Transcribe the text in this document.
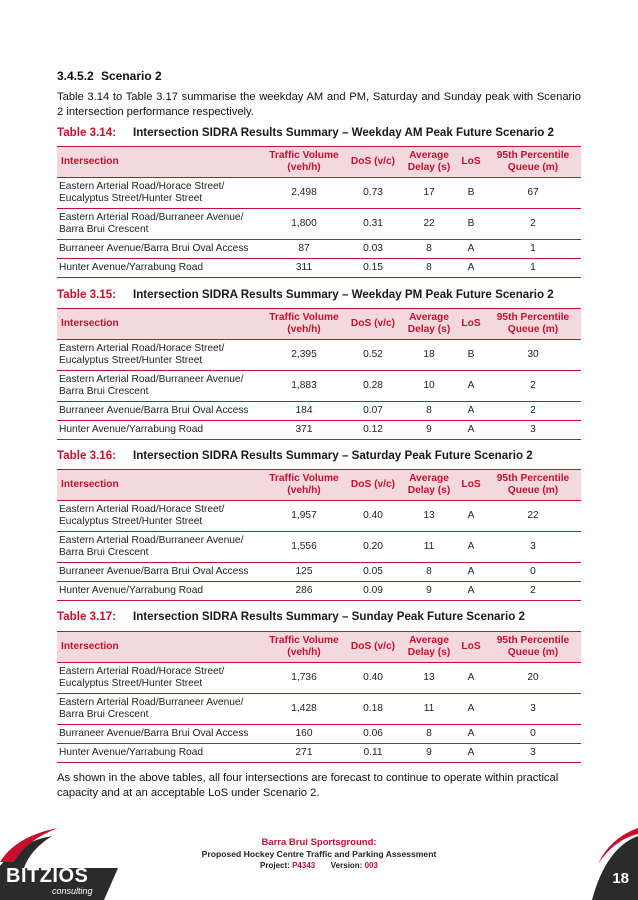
3.4.5.2 Scenario 2
Table 3.14 to Table 3.17 summarise the weekday AM and PM, Saturday and Sunday peak with Scenario 2 intersection performance respectively.
Table 3.14: Intersection SIDRA Results Summary – Weekday AM Peak Future Scenario 2
Intersection	Traffic Volume (veh/h)	DoS (v/c)	Average Delay (s)	LoS	95th Percentile Queue (m)
Eastern Arterial Road/Horace Street/ Eucalyptus Street/Hunter Street	2,498	0.73	17	B	67
Eastern Arterial Road/Burraneer Avenue/ Barra Brui Crescent	1,800	0.31	22	B	2
Burraneer Avenue/Barra Brui Oval Access	87	0.03	8	A	1
Hunter Avenue/Yarrabung Road	311	0.15	8	A	1
Table 3.15: Intersection SIDRA Results Summary – Weekday PM Peak Future Scenario 2
Intersection	Traffic Volume (veh/h)	DoS (v/c)	Average Delay (s)	LoS	95th Percentile Queue (m)
Eastern Arterial Road/Horace Street/ Eucalyptus Street/Hunter Street	2,395	0.52	18	B	30
Eastern Arterial Road/Burraneer Avenue/ Barra Brui Crescent	1,883	0.28	10	A	2
Burraneer Avenue/Barra Brui Oval Access	184	0.07	8	A	2
Hunter Avenue/Yarrabung Road	371	0.12	9	A	3
Table 3.16: Intersection SIDRA Results Summary – Saturday Peak Future Scenario 2
Intersection	Traffic Volume (veh/h)	DoS (v/c)	Average Delay (s)	LoS	95th Percentile Queue (m)
Eastern Arterial Road/Horace Street/ Eucalyptus Street/Hunter Street	1,957	0.40	13	A	22
Eastern Arterial Road/Burraneer Avenue/ Barra Brui Crescent	1,556	0.20	11	A	3
Burraneer Avenue/Barra Brui Oval Access	125	0.05	8	A	0
Hunter Avenue/Yarrabung Road	286	0.09	9	A	2
Table 3.17: Intersection SIDRA Results Summary – Sunday Peak Future Scenario 2
Intersection	Traffic Volume (veh/h)	DoS (v/c)	Average Delay (s)	LoS	95th Percentile Queue (m)
Eastern Arterial Road/Horace Street/ Eucalyptus Street/Hunter Street	1,736	0.40	13	A	20
Eastern Arterial Road/Burraneer Avenue/ Barra Brui Crescent	1,428	0.18	11	A	3
Burraneer Avenue/Barra Brui Oval Access	160	0.06	8	A	0
Hunter Avenue/Yarrabung Road	271	0.11	9	A	3
As shown in the above tables, all four intersections are forecast to continue to operate within practical capacity and at an acceptable LoS under Scenario 2.
BITZIOS
consulting
Barra Brui Sportsground:
Proposed Hockey Centre Traffic and Parking Assessment
Project: P4343 Version: 003
18
